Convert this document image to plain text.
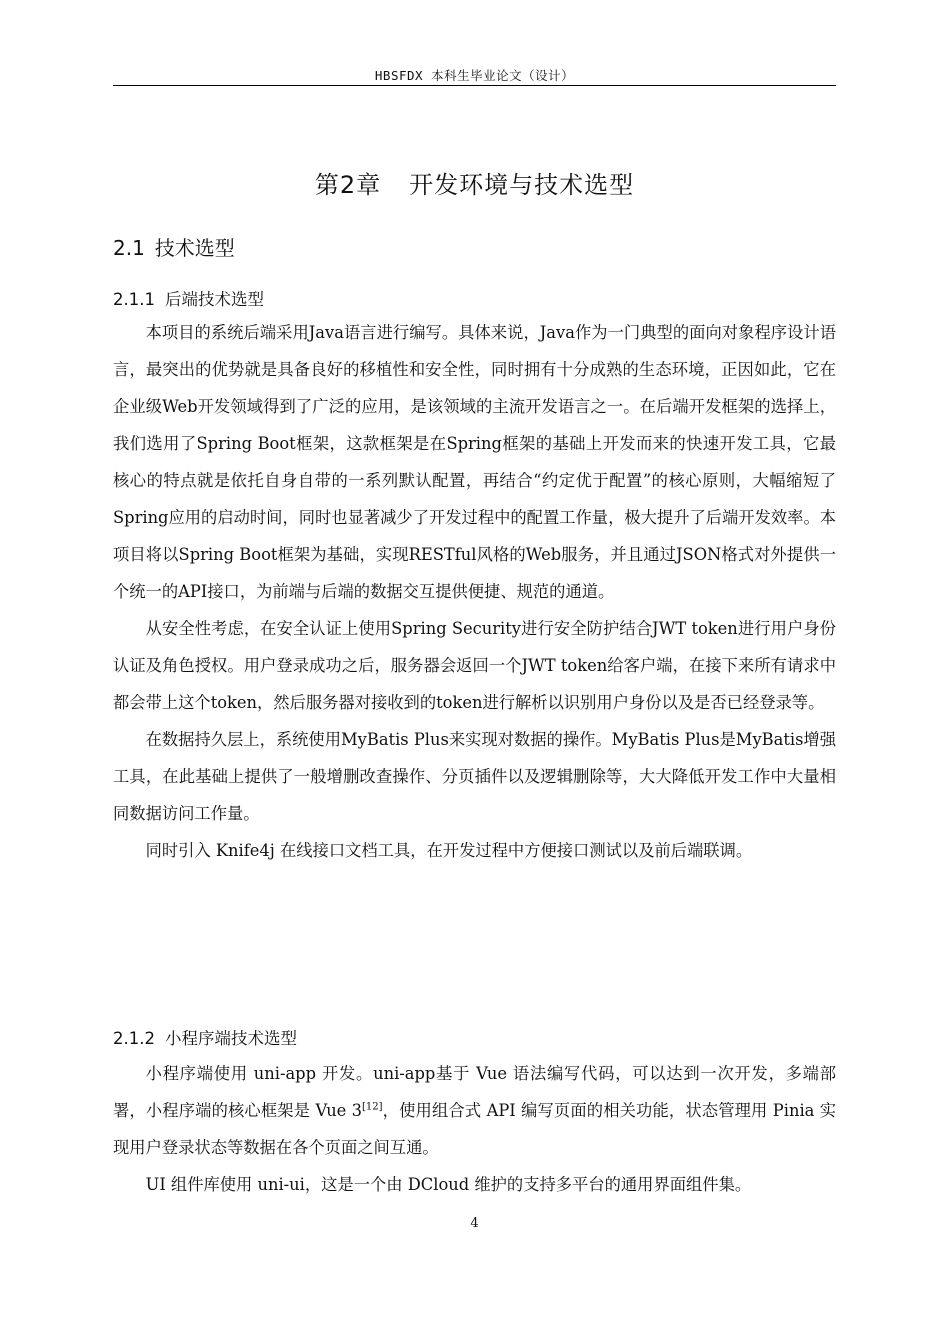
HBSFDX 本科生毕业论文（设计）
第2章 开发环境与技术选型
2.1 技术选型
2.1.1 后端技术选型

本项目的系统后端采用Java语言进行编写。具体来说，Java作为一门典型的面向对象程序设计语言，最突出的优势就是具备良好的移植性和安全性，同时拥有十分成熟的生态环境，正因如此，它在企业级Web开发领域得到了广泛的应用，是该领域的主流开发语言之一。在后端开发框架的选择上，我们选用了Spring Boot框架，这款框架是在Spring框架的基础上开发而来的快速开发工具，它最核心的特点就是依托自身自带的一系列默认配置，再结合“约定优于配置”的核心原则，大幅缩短了Spring应用的启动时间，同时也显著减少了开发过程中的配置工作量，极大提升了后端开发效率。本项目将以Spring Boot框架为基础，实现RESTful风格的Web服务，并且通过JSON格式对外提供一个统一的API接口，为前端与后端的数据交互提供便捷、规范的通道。

从安全性考虑，在安全认证上使用Spring Security进行安全防护结合JWT token进行用户身份认证及角色授权。用户登录成功之后，服务器会返回一个JWT token给客户端，在接下来所有请求中都会带上这个token，然后服务器对接收到的token进行解析以识别用户身份以及是否已经登录等。

在数据持久层上，系统使用MyBatis Plus来实现对数据的操作。MyBatis Plus是MyBatis增强工具，在此基础上提供了一般增删改查操作、分页插件以及逻辑删除等，大大降低开发工作中大量相同数据访问工作量。

同时引入 Knife4j 在线接口文档工具，在开发过程中方便接口测试以及前后端联调。

2.1.2 小程序端技术选型

小程序端使用 uni-app 开发。uni-app基于 Vue 语法编写代码，可以达到一次开发，多端部署，小程序端的核心框架是 Vue 3[12]，使用组合式 API 编写页面的相关功能，状态管理用 Pinia 实现用户登录状态等数据在各个页面之间互通。

UI 组件库使用 uni-ui，这是一个由 DCloud 维护的支持多平台的通用界面组件集。

4
